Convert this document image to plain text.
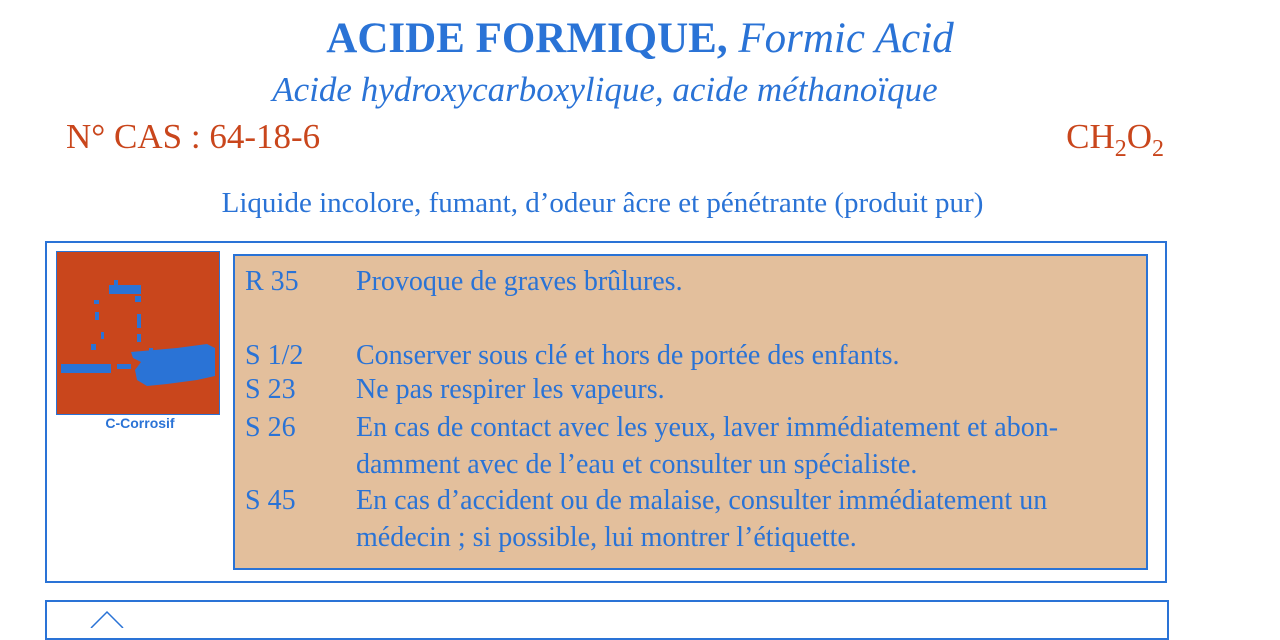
ACIDE FORMIQUE, Formic Acid
Acide hydroxycarboxylique, acide méthanoïque
N° CAS : 64-18-6	$CH_2O_2$
Liquide incolore, fumant, d’odeur âcre et pénétrante (produit pur)
C-Corrosif
R 35 Provoque de graves brûlures.
S 1/2 Conserver sous clé et hors de portée des enfants.
S 23 Ne pas respirer les vapeurs.
S 26 En cas de contact avec les yeux, laver immédiatement et abon-
damment avec de l’eau et consulter un spécialiste.
S 45 En cas d’accident ou de malaise, consulter immédiatement un
médecin ; si possible, lui montrer l’étiquette.
